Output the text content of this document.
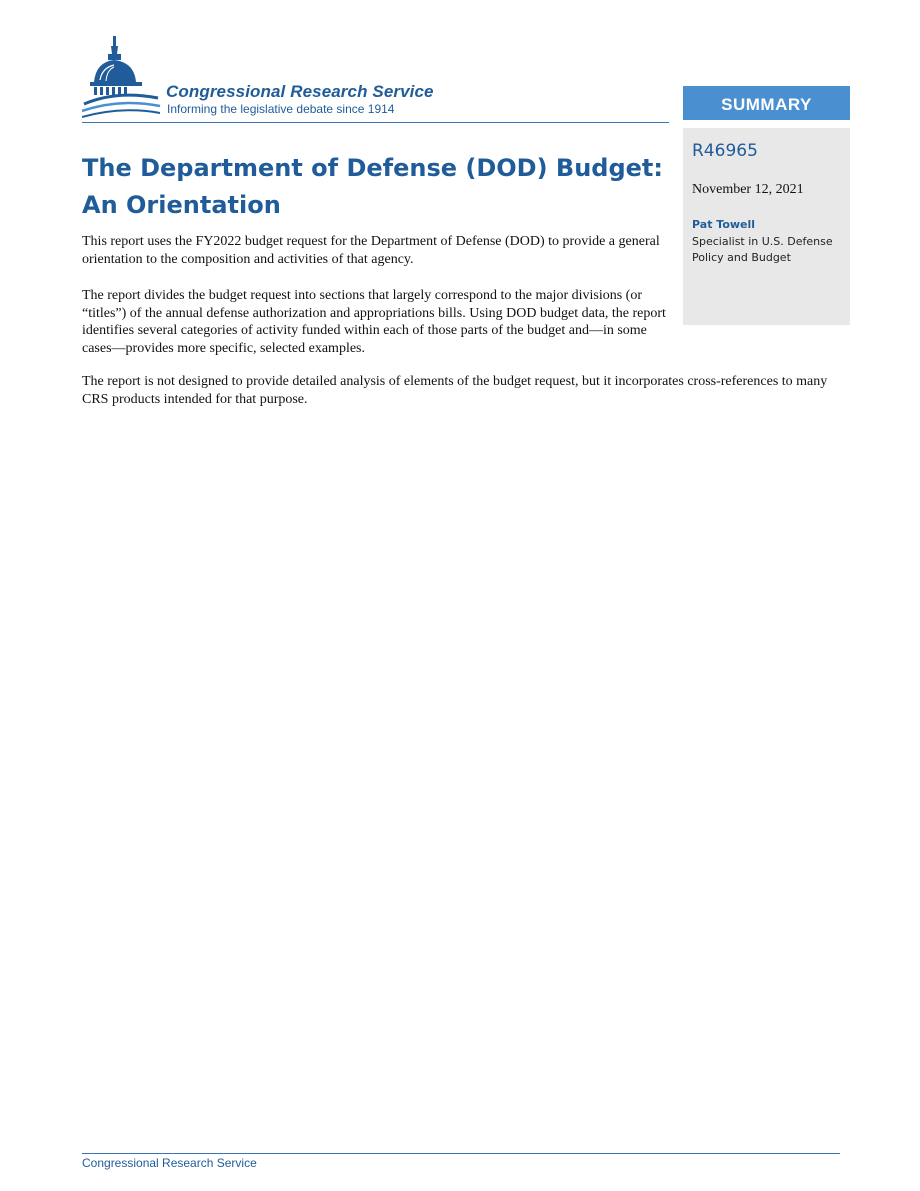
Congressional Research Service
Informing the legislative debate since 1914	SUMMARY
R46965
November 12, 2021
Pat Towell
Specialist in U.S. Defense Policy and Budget
The Department of Defense (DOD) Budget: An Orientation

This report uses the FY2022 budget request for the Department of Defense (DOD) to provide a general orientation to the composition and activities of that agency.

The report divides the budget request into sections that largely correspond to the major divisions (or “titles”) of the annual defense authorization and appropriations bills. Using DOD budget data, the report identifies several categories of activity funded within each of those parts of the budget and—in some cases—provides more specific, selected examples.

The report is not designed to provide detailed analysis of elements of the budget request, but it incorporates cross-references to many CRS products intended for that purpose.

Congressional Research Service
